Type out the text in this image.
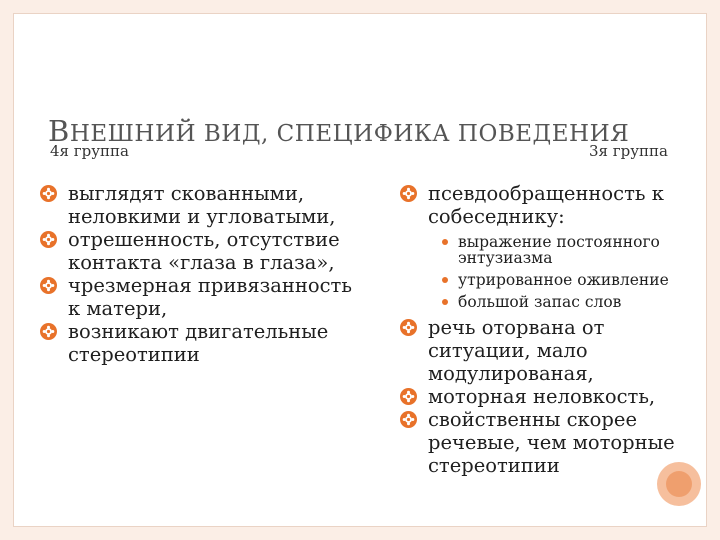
ВНЕШНИЙ ВИД, СПЕЦИФИКА ПОВЕДЕНИЯ
4я группа	3я группа
выглядят скованными, неловкими и угловатыми,
отрешенность, отсутствие контакта «глаза в глаза»,
чрезмерная привязанность к матери,
возникают двигательные стереотипии
псевдообращенность к собеседнику:
выражение постоянного энтузиазма
утрированное оживление
большой запас слов
речь оторвана от ситуации, мало модулированая,
моторная неловкость,
свойственны скорее речевые, чем моторные стереотипии
